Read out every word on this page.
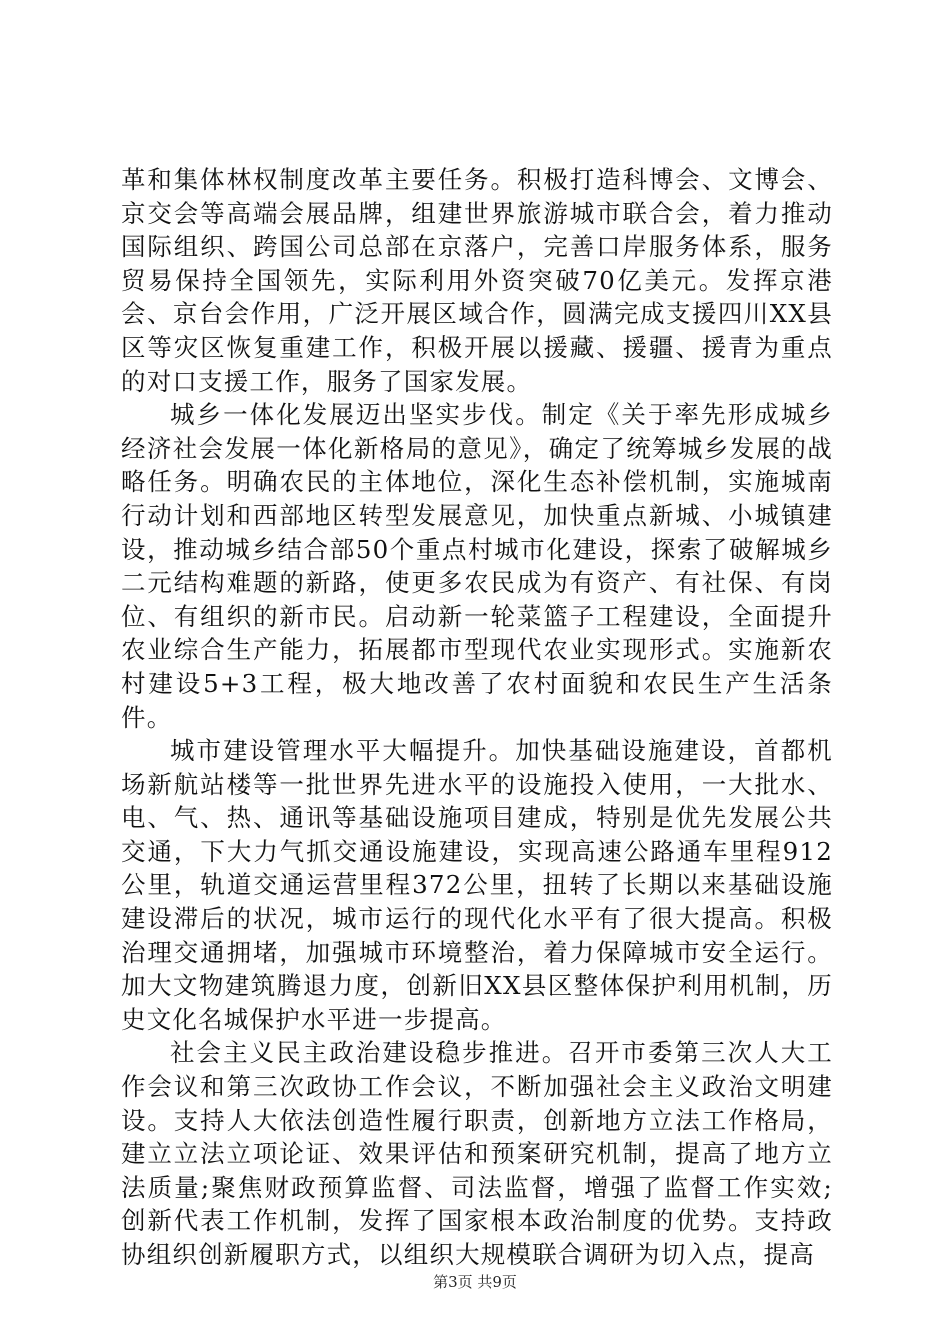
革和集体林权制度改革主要任务。积极打造科博会、文博会、京交会等高端会展品牌，组建世界旅游城市联合会，着力推动国际组织、跨国公司总部在京落户，完善口岸服务体系，服务贸易保持全国领先，实际利用外资突破70亿美元。发挥京港会、京台会作用，广泛开展区域合作，圆满完成支援四川XX县区等灾区恢复重建工作，积极开展以援藏、援疆、援青为重点的对口支援工作，服务了国家发展。

城乡一体化发展迈出坚实步伐。制定《关于率先形成城乡经济社会发展一体化新格局的意见》，确定了统筹城乡发展的战略任务。明确农民的主体地位，深化生态补偿机制，实施城南行动计划和西部地区转型发展意见，加快重点新城、小城镇建设，推动城乡结合部50个重点村城市化建设，探索了破解城乡二元结构难题的新路，使更多农民成为有资产、有社保、有岗位、有组织的新市民。启动新一轮菜篮子工程建设，全面提升农业综合生产能力，拓展都市型现代农业实现形式。实施新农村建设5+3工程，极大地改善了农村面貌和农民生产生活条件。

城市建设管理水平大幅提升。加快基础设施建设，首都机场新航站楼等一批世界先进水平的设施投入使用，一大批水、电、气、热、通讯等基础设施项目建成，特别是优先发展公共交通，下大力气抓交通设施建设，实现高速公路通车里程912公里，轨道交通运营里程372公里，扭转了长期以来基础设施建设滞后的状况，城市运行的现代化水平有了很大提高。积极治理交通拥堵，加强城市环境整治，着力保障城市安全运行。加大文物建筑腾退力度，创新旧XX县区整体保护利用机制，历史文化名城保护水平进一步提高。

社会主义民主政治建设稳步推进。召开市委第三次人大工作会议和第三次政协工作会议，不断加强社会主义政治文明建设。支持人大依法创造性履行职责，创新地方立法工作格局，建立立法立项论证、效果评估和预案研究机制，提高了地方立法质量;聚焦财政预算监督、司法监督，增强了监督工作实效;创新代表工作机制，发挥了国家根本政治制度的优势。支持政协组织创新履职方式，以组织大规模联合调研为切入点，提高

第3页 共9页
